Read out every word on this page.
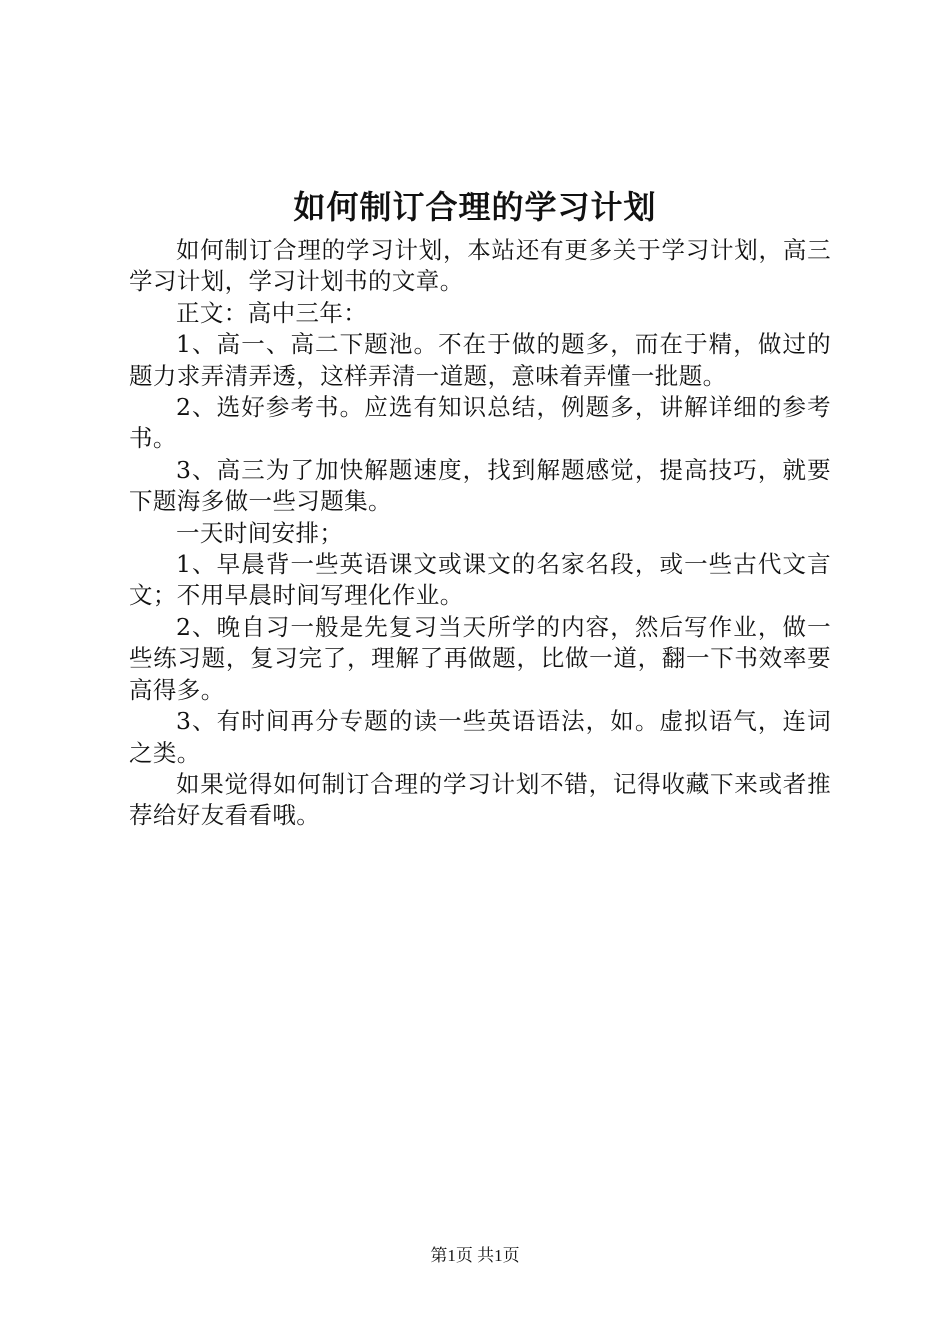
如何制订合理的学习计划

如何制订合理的学习计划，本站还有更多关于学习计划，高三学习计划，学习计划书的文章。

正文：高中三年：

1、高一、高二下题池。不在于做的题多，而在于精，做过的题力求弄清弄透，这样弄清一道题，意味着弄懂一批题。

2、选好参考书。应选有知识总结，例题多，讲解详细的参考书。

3、高三为了加快解题速度，找到解题感觉，提高技巧，就要下题海多做一些习题集。

一天时间安排；

1、早晨背一些英语课文或课文的名家名段，或一些古代文言文；不用早晨时间写理化作业。

2、晚自习一般是先复习当天所学的内容，然后写作业，做一些练习题，复习完了，理解了再做题，比做一道，翻一下书效率要高得多。

3、有时间再分专题的读一些英语语法，如。虚拟语气，连词之类。

如果觉得如何制订合理的学习计划不错，记得收藏下来或者推荐给好友看看哦。

第1页 共1页
